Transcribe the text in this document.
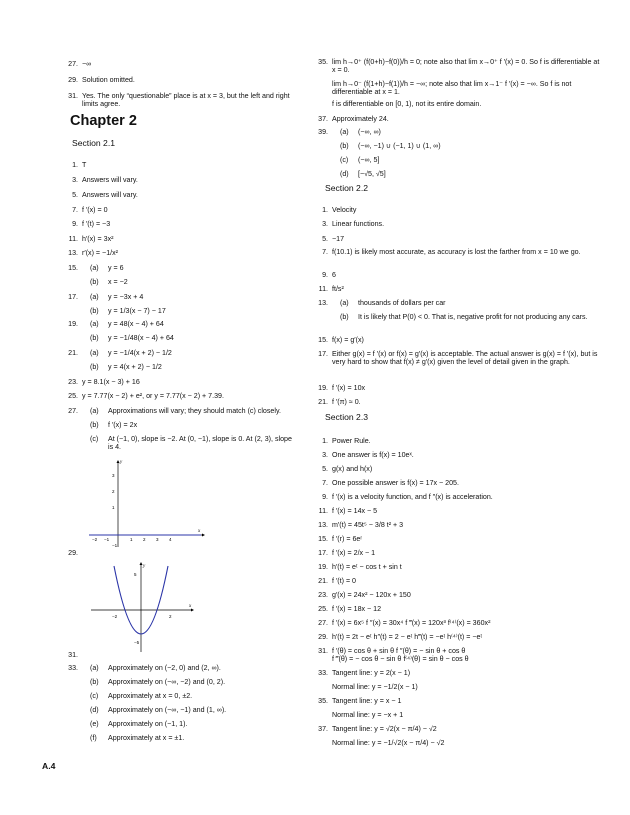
27. −∞
29. Solution omitted.
31. Yes. The only “questionable” place is at x = 3, but the left and right limits agree.
1. T
3. Answers will vary.
5. Answers will vary.
7. f ′(x) = 0
9. f ′(t) = −3
11. h′(x) = 3x²
13. r′(x) = −1/x²
15. (a) y = 6
(b) x = −2
17. (a) y = −3x + 4
(b) y = 1/3(x − 7) − 17
19. (a) y = 48(x − 4) + 64
(b) y = −1/48(x − 4) + 64
21. (a) y = −1/4(x + 2) − 1/2
(b) y = 4(x + 2) − 1/2
23. y = 8.1(x − 3) + 16
25. y = 7.77(x − 2) + e², or y = 7.77(x − 2) + 7.39.
27. (a) Approximations will vary; they should match (c) closely.
(b) f ′(x) = 2x
(c) At (−1, 0), slope is −2. At (0, −1), slope is 0. At (2, 3), slope is 4.
29.
31.
33. (a) Approximately on (−2, 0) and (2, ∞).
(b) Approximately on (−∞, −2) and (0, 2).
(c) Approximately at x = 0, ±2.
(d) Approximately on (−∞, −1) and (1, ∞).
(e) Approximately on (−1, 1).
(f) Approximately at x = ±1.
35. lim h→0⁺ (f(0+h)−f(0))/h = 0; note also that lim x→0⁺ f ′(x) = 0. So f is differentiable at x = 0.
lim h→0⁻ (f(1+h)−f(1))/h = −∞; note also that lim x→1⁻ f ′(x) = −∞. So f is not differentiable at x = 1.
f is differentiable on [0, 1), not its entire domain.
37. Approximately 24.
39. (a) (−∞, ∞)
(b) (−∞, −1) ∪ (−1, 1) ∪ (1, ∞)
(c) (−∞, 5]
(d) [−√5, √5]
1. Velocity
3. Linear functions.
5. −17
7. f(10.1) is likely most accurate, as accuracy is lost the farther from x = 10 we go.
9. 6
11. ft/s²
13. (a) thousands of dollars per car
(b) It is likely that P(0) < 0. That is, negative profit for not producing any cars.
15. f(x) = g′(x)
17. Either g(x) = f ′(x) or f(x) = g′(x) is acceptable. The actual answer is g(x) = f ′(x), but is very hard to show that f(x) ≠ g′(x) given the level of detail given in the graph.
19. f ′(x) = 10x
21. f ′(π) ≈ 0.
1. Power Rule.
3. One answer is f(x) = 10eˣ.
5. g(x) and h(x)
7. One possible answer is f(x) = 17x − 205.
9. f ′(x) is a velocity function, and f ″(x) is acceleration.
11. f ′(x) = 14x − 5
13. m′(t) = 45t⁵ − 3/8 t² + 3
15. f ′(r) = 6eʳ
17. f ′(x) = 2/x − 1
19. h′(t) = eᵗ − cos t + sin t
21. f ′(t) = 0
23. g′(x) = 24x² − 120x + 150
25. f ′(x) = 18x − 12
27. f ′(x) = 6x⁵ f ″(x) = 30x⁴ f ‴(x) = 120x³ f⁽⁴⁾(x) = 360x²
29. h′(t) = 2t − eᵗ h″(t) = 2 − eᵗ h‴(t) = −eᵗ h⁽⁴⁾(t) = −eᵗ
31. f ′(θ) = cos θ + sin θ f ″(θ) = − sin θ + cos θ
f ‴(θ) = − cos θ − sin θ f⁽⁴⁾(θ) = sin θ − cos θ
33. Tangent line: y = 2(x − 1)
Normal line: y = −1/2(x − 1)
35. Tangent line: y = x − 1
Normal line: y = −x + 1
37. Tangent line: y = √2(x − π/4) − √2
Normal line: y = −1/√2(x − π/4) − √2
Chapter 2
Section 2.1
Section 2.2
Section 2.3
x
y
−2 −1	1 2 3 4
3
2
1
−1
x
y
−2	2
5
−5
A.4
